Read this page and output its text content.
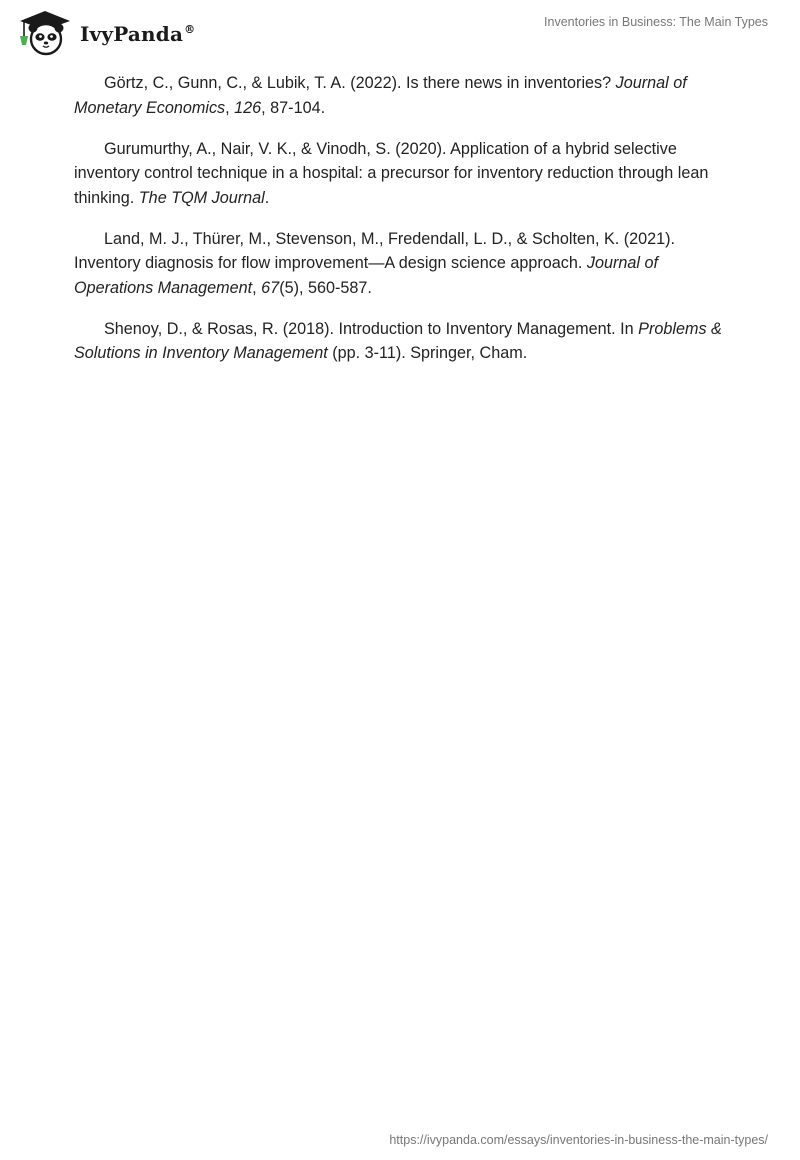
IvyPanda®
Inventories in Business: The Main Types

Görtz, C., Gunn, C., & Lubik, T. A. (2022). Is there news in inventories? Journal of Monetary Economics, 126, 87-104.

Gurumurthy, A., Nair, V. K., & Vinodh, S. (2020). Application of a hybrid selective inventory control technique in a hospital: a precursor for inventory reduction through lean thinking. The TQM Journal.

Land, M. J., Thürer, M., Stevenson, M., Fredendall, L. D., & Scholten, K. (2021). Inventory diagnosis for flow improvement—A design science approach. Journal of Operations Management, 67(5), 560-587.

Shenoy, D., & Rosas, R. (2018). Introduction to Inventory Management. In Problems & Solutions in Inventory Management (pp. 3-11). Springer, Cham.

https://ivypanda.com/essays/inventories-in-business-the-main-types/
